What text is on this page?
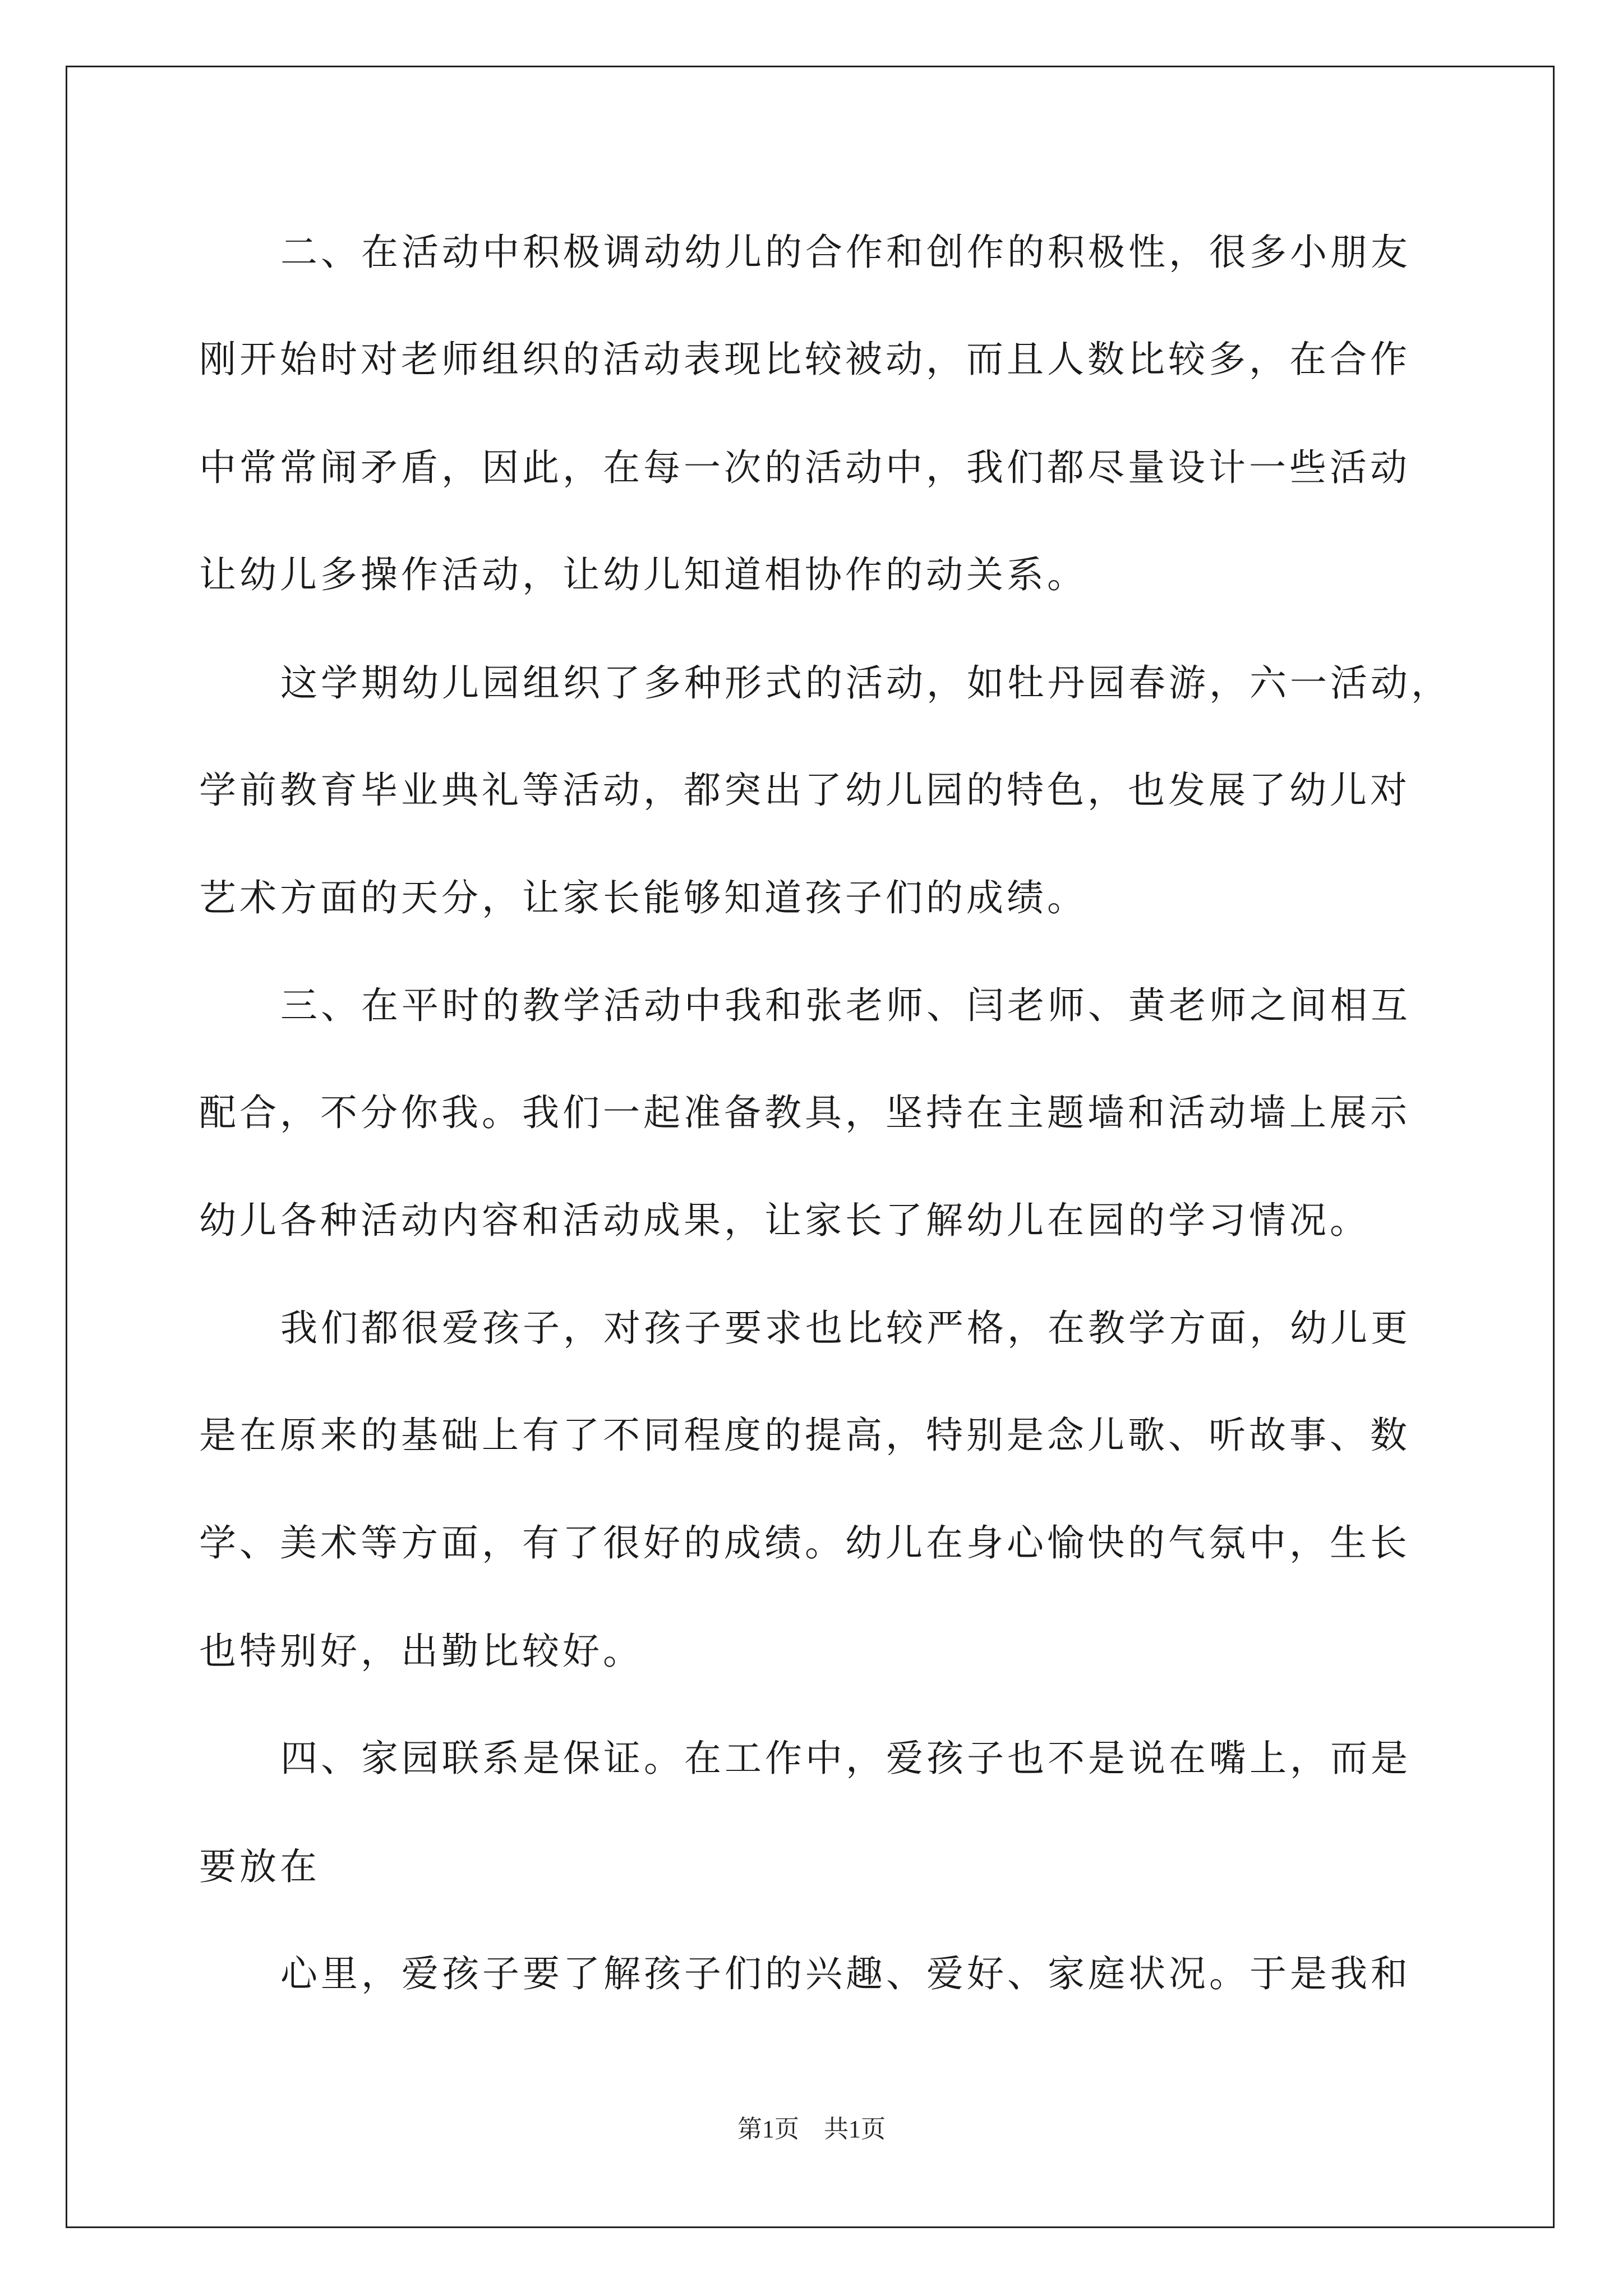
二、在活动中积极调动幼儿的合作和创作的积极性，很多小朋友
刚开始时对老师组织的活动表现比较被动，而且人数比较多，在合作
中常常闹矛盾，因此，在每一次的活动中，我们都尽量设计一些活动
让幼儿多操作活动，让幼儿知道相协作的动关系。
这学期幼儿园组织了多种形式的活动，如牡丹园春游，六一活动，
学前教育毕业典礼等活动，都突出了幼儿园的特色，也发展了幼儿对
艺术方面的天分，让家长能够知道孩子们的成绩。
三、在平时的教学活动中我和张老师、闫老师、黄老师之间相互
配合，不分你我。我们一起准备教具，坚持在主题墙和活动墙上展示
幼儿各种活动内容和活动成果，让家长了解幼儿在园的学习情况。
我们都很爱孩子，对孩子要求也比较严格，在教学方面，幼儿更
是在原来的基础上有了不同程度的提高，特别是念儿歌、听故事、数
学、美术等方面，有了很好的成绩。幼儿在身心愉快的气氛中，生长
也特别好，出勤比较好。
四、家园联系是保证。在工作中，爱孩子也不是说在嘴上，而是
要放在
心里，爱孩子要了解孩子们的兴趣、爱好、家庭状况。于是我和
第1页 共1页
